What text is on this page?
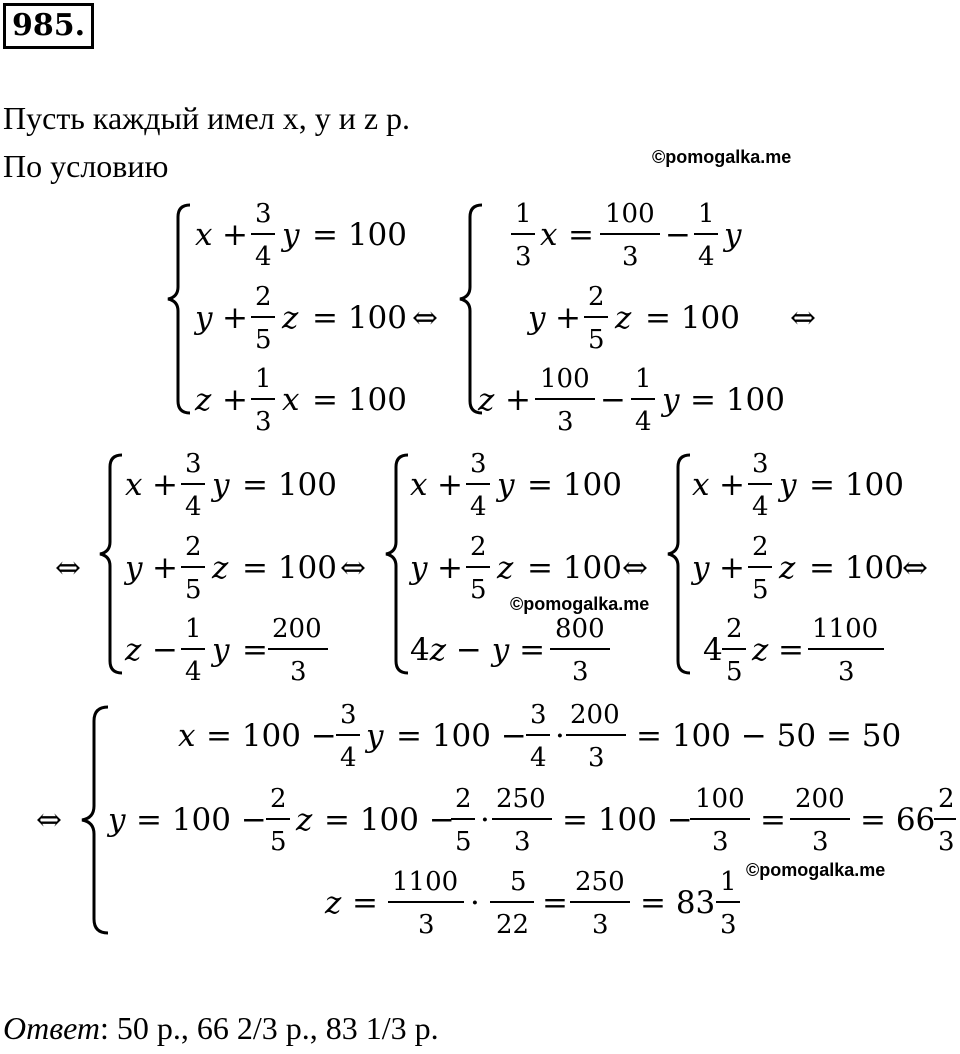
985.
Пусть каждый имел x, y и z р.
По условию	©pomogalka.me
©pomogalka.me
©pomogalka.me
x +
3
4
y = 100
y +
2
5
z = 100
z +
1
3
x = 100
⇔
1
3
x =
100
3
−
1
4
y
y +
2
5
z = 100
z +
100
3
−
1
4
y = 100
⇔
⇔
x +
3
4
y = 100
y +
2
5
z = 100
z −
1
4
y =
200
3
⇔
x +
3
4
y = 100
y +
2
5
z = 100
4z − y =
800
3
⇔
x +
3
4
y = 100
y +
2
5
z = 100
⇔
4
2
5
z =
1100
3
⇔
x = 100 −
3
4
y = 100 −
3
4
·
200
3
= 100 − 50 = 50
y = 100 −
2
5
z = 100 −
2
5
·
250
3
= 100 −
100
3
=
200
3
= 66
2
3
z =
1100
3
·
5
22
=
250
3
= 83
1
3
Ответ: 50 р., 66 2/3 р., 83 1/3 р.
